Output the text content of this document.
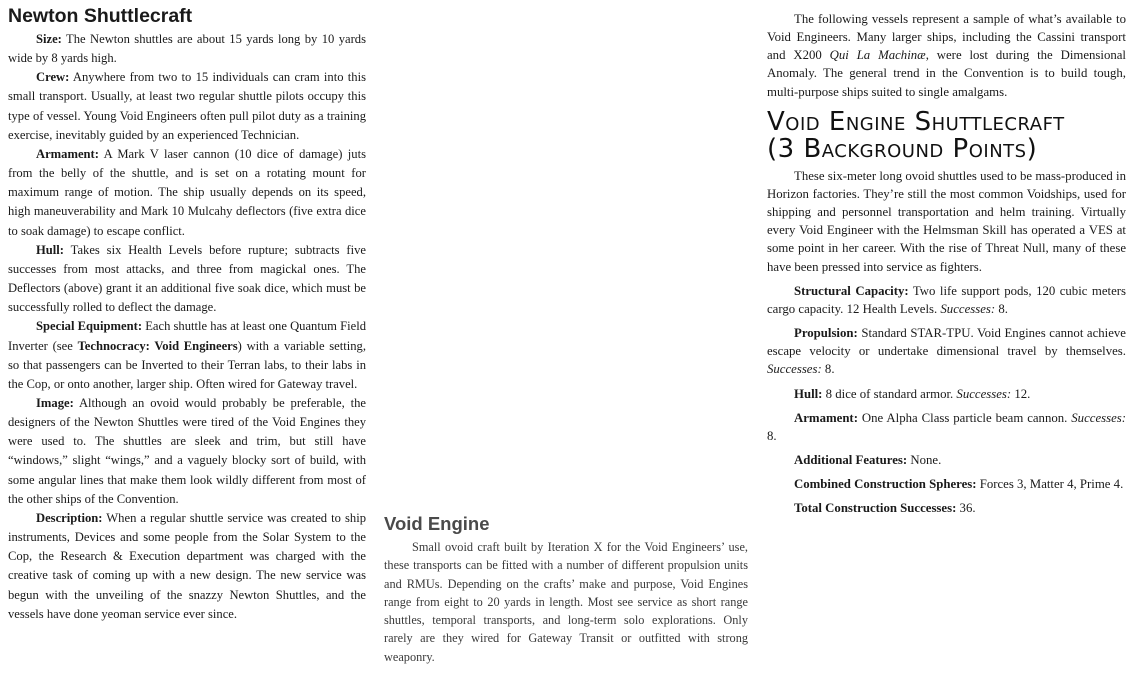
Newton Shuttlecraft

Size: The Newton shuttles are about 15 yards long by 10 yards wide by 8 yards high.

Crew: Anywhere from two to 15 individuals can cram into this small transport. Usually, at least two regular shuttle pilots occupy this type of vessel. Young Void Engineers often pull pilot duty as a training exercise, inevitably guided by an experienced Technician.

Armament: A Mark V laser cannon (10 dice of damage) juts from the belly of the shuttle, and is set on a rotating mount for maximum range of motion. The ship usually depends on its speed, high maneuverability and Mark 10 Mulcahy deflectors (five extra dice to soak damage) to escape conflict.

Hull: Takes six Health Levels before rupture; subtracts five successes from most attacks, and three from magickal ones. The Deflectors (above) grant it an additional five soak dice, which must be successfully rolled to deflect the damage.

Special Equipment: Each shuttle has at least one Quantum Field Inverter (see Technocracy: Void Engineers) with a variable setting, so that passengers can be Inverted to their Terran labs, to their labs in the Cop, or onto another, larger ship. Often wired for Gateway travel.

Image: Although an ovoid would probably be preferable, the designers of the Newton Shuttles were tired of the Void Engines they were used to. The shuttles are sleek and trim, but still have “windows,” slight “wings,” and a vaguely blocky sort of build, with some angular lines that make them look wildly different from most of the other ships of the Convention.

Description: When a regular shuttle service was created to ship instruments, Devices and some people from the Solar System to the Cop, the Research & Execution department was charged with the creative task of coming up with a new design. The new service was begun with the unveiling of the snazzy Newton Shuttles, and the vessels have done yeoman service ever since.

Void Engine

Small ovoid craft built by Iteration X for the Void Engineers’ use, these transports can be fitted with a number of different propulsion units and RMUs. Depending on the crafts’ make and purpose, Void Engines range from eight to 20 yards in length. Most see service as short range shuttles, temporal transports, and long-term solo explorations. Only rarely are they wired for Gateway Transit or outfitted with strong weaponry.

The following vessels represent a sample of what’s available to Void Engineers. Many larger ships, including the Cassini transport and X200 Qui La Machinæ, were lost during the Dimensional Anomaly. The general trend in the Convention is to build tough, multi-purpose ships suited to single amalgams.

Void Engine Shuttlecraft
(3 Background Points)

These six-meter long ovoid shuttles used to be mass-produced in Horizon factories. They’re still the most common Voidships, used for shipping and personnel transportation and helm training. Virtually every Void Engineer with the Helmsman Skill has operated a VES at some point in her career. With the rise of Threat Null, many of these have been pressed into service as fighters.

Structural Capacity: Two life support pods, 120 cubic meters cargo capacity. 12 Health Levels. Successes: 8.

Propulsion: Standard STAR-TPU. Void Engines cannot achieve escape velocity or undertake dimensional travel by themselves. Successes: 8.

Hull: 8 dice of standard armor. Successes: 12.

Armament: One Alpha Class particle beam cannon. Successes: 8.

Additional Features: None.

Combined Construction Spheres: Forces 3, Matter 4, Prime 4.

Total Construction Successes: 36.
